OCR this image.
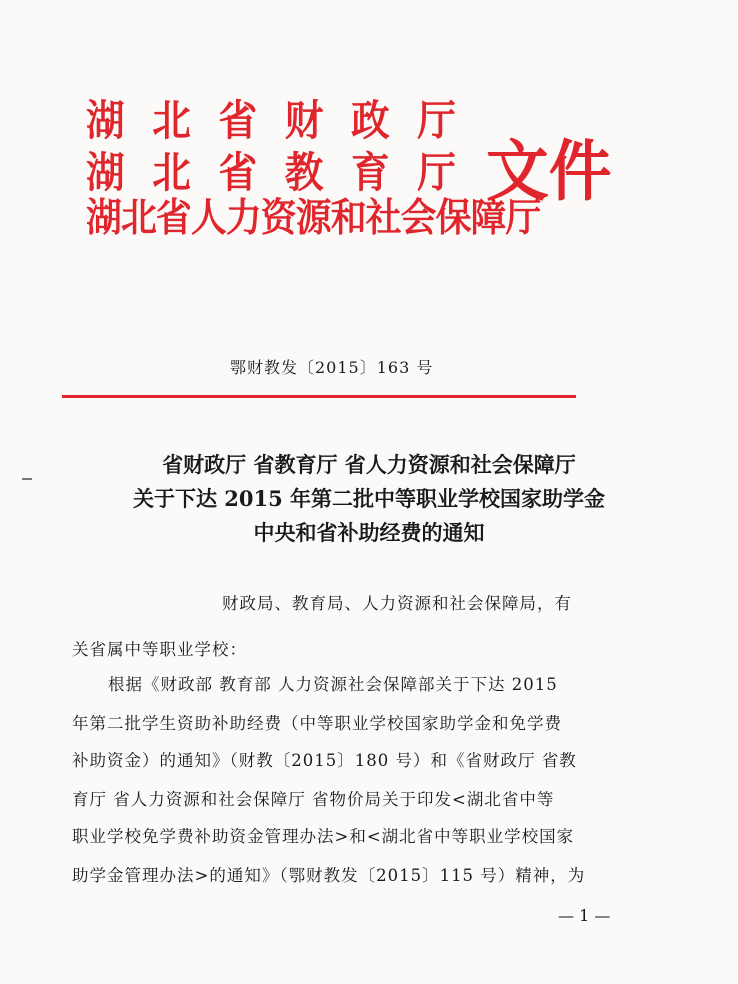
湖北省财政厅
湖北省教育厅
湖北省人力资源和社会保障厅
文件
鄂财教发〔2015〕163 号
省财政厅 省教育厅 省人力资源和社会保障厅
关于下达 2015 年第二批中等职业学校国家助学金
中央和省补助经费的通知
财政局、教育局、人力资源和社会保障局，有
关省属中等职业学校：
根据《财政部 教育部 人力资源社会保障部关于下达 2015
年第二批学生资助补助经费（中等职业学校国家助学金和免学费
补助资金）的通知》（财教〔2015〕180 号）和《省财政厅 省教
育厅 省人力资源和社会保障厅 省物价局关于印发<湖北省中等
职业学校免学费补助资金管理办法>和<湖北省中等职业学校国家
助学金管理办法>的通知》（鄂财教发〔2015〕115 号）精神，为
— 1 —
